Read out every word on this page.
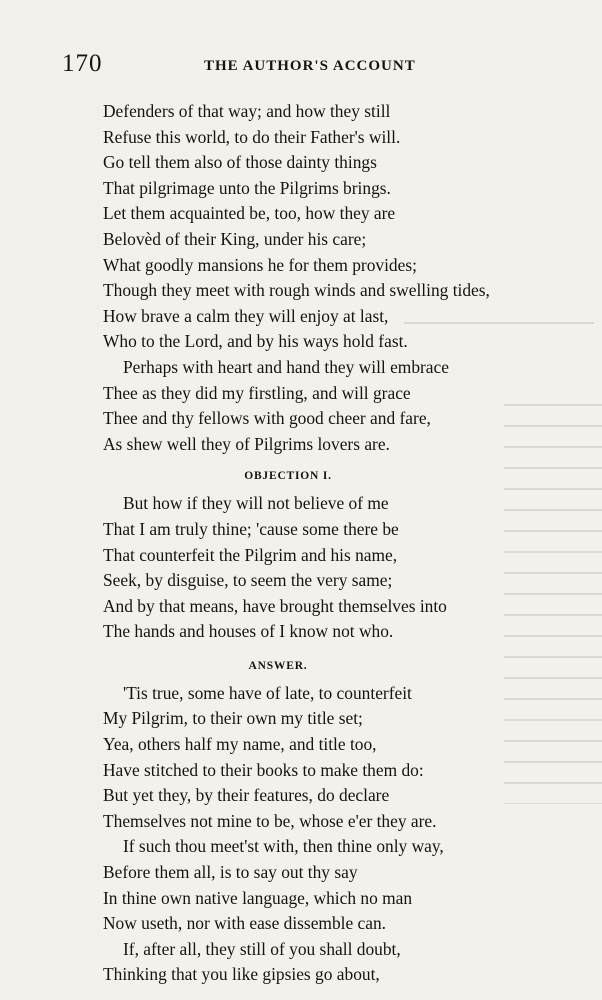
170	THE AUTHOR'S ACCOUNT
Defenders of that way; and how they still
Refuse this world, to do their Father's will.
Go tell them also of those dainty things
That pilgrimage unto the Pilgrims brings.
Let them acquainted be, too, how they are
Belovèd of their King, under his care;
What goodly mansions he for them provides;
Though they meet with rough winds and swelling tides,
How brave a calm they will enjoy at last,
Who to the Lord, and by his ways hold fast.
Perhaps with heart and hand they will embrace
Thee as they did my firstling, and will grace
Thee and thy fellows with good cheer and fare,
As shew well they of Pilgrims lovers are.
OBJECTION I.
But how if they will not believe of me
That I am truly thine; 'cause some there be
That counterfeit the Pilgrim and his name,
Seek, by disguise, to seem the very same;
And by that means, have brought themselves into
The hands and houses of I know not who.
ANSWER.
'Tis true, some have of late, to counterfeit
My Pilgrim, to their own my title set;
Yea, others half my name, and title too,
Have stitched to their books to make them do:
But yet they, by their features, do declare
Themselves not mine to be, whose e'er they are.
If such thou meet'st with, then thine only way,
Before them all, is to say out thy say
In thine own native language, which no man
Now useth, nor with ease dissemble can.
If, after all, they still of you shall doubt,
Thinking that you like gipsies go about,
